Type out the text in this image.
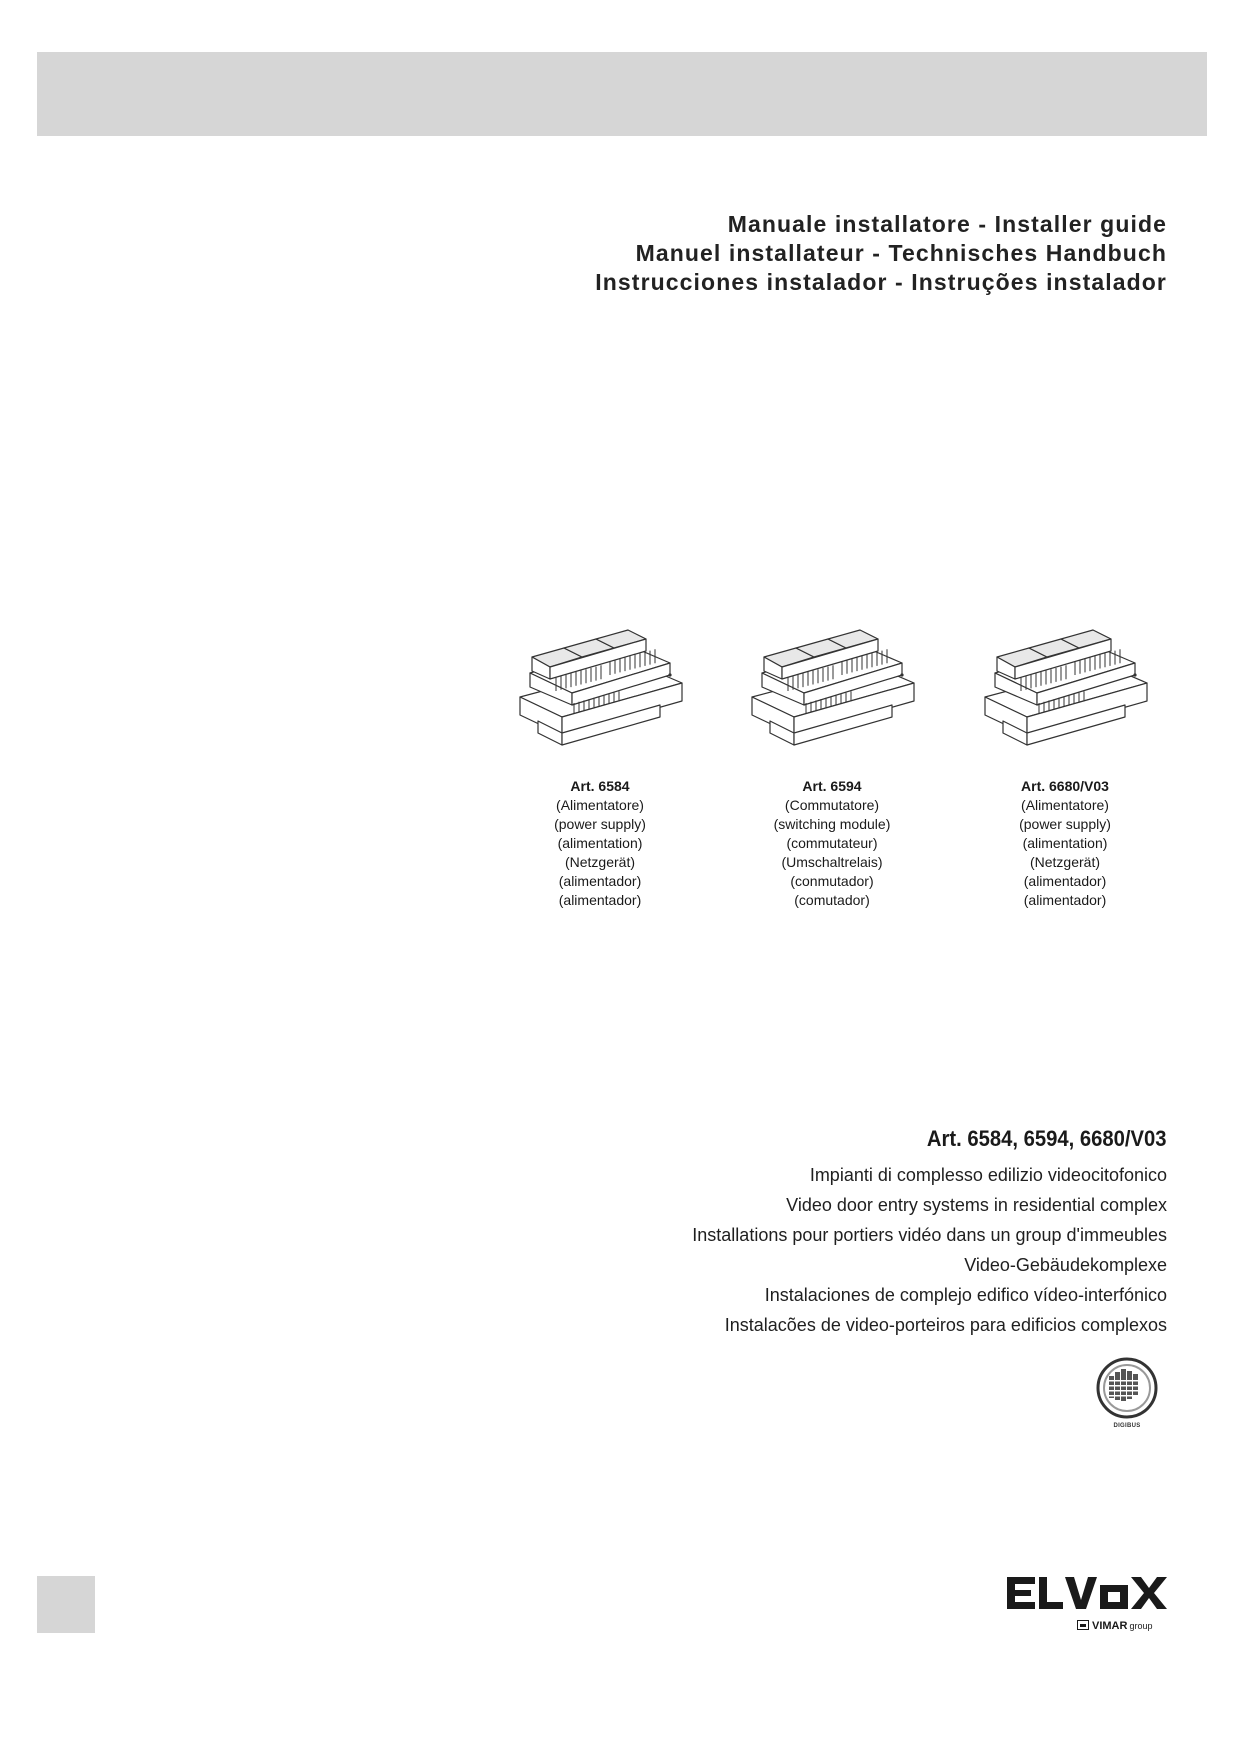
Manuale installatore - Installer guide
Manuel installateur - Technisches Handbuch
Instrucciones instalador - Instruções instalador
Art. 6584
(Alimentatore)
(power supply)
(alimentation)
(Netzgerät)
(alimentador)
(alimentador)
Art. 6594
(Commutatore)
(switching module)
(commutateur)
(Umschaltrelais)
(conmutador)
(comutador)
Art. 6680/V03
(Alimentatore)
(power supply)
(alimentation)
(Netzgerät)
(alimentador)
(alimentador)
Art. 6584, 6594, 6680/V03
Impianti di complesso edilizio videocitofonico
Video door entry systems in residential complex
Installations pour portiers vidéo dans un group d'immeubles
Video-Gebäudekomplexe
Instalaciones de complejo edifico vídeo-interfónico
Instalacões de video-porteiros para edificios complexos
DIGIBUS
VIMAR group
